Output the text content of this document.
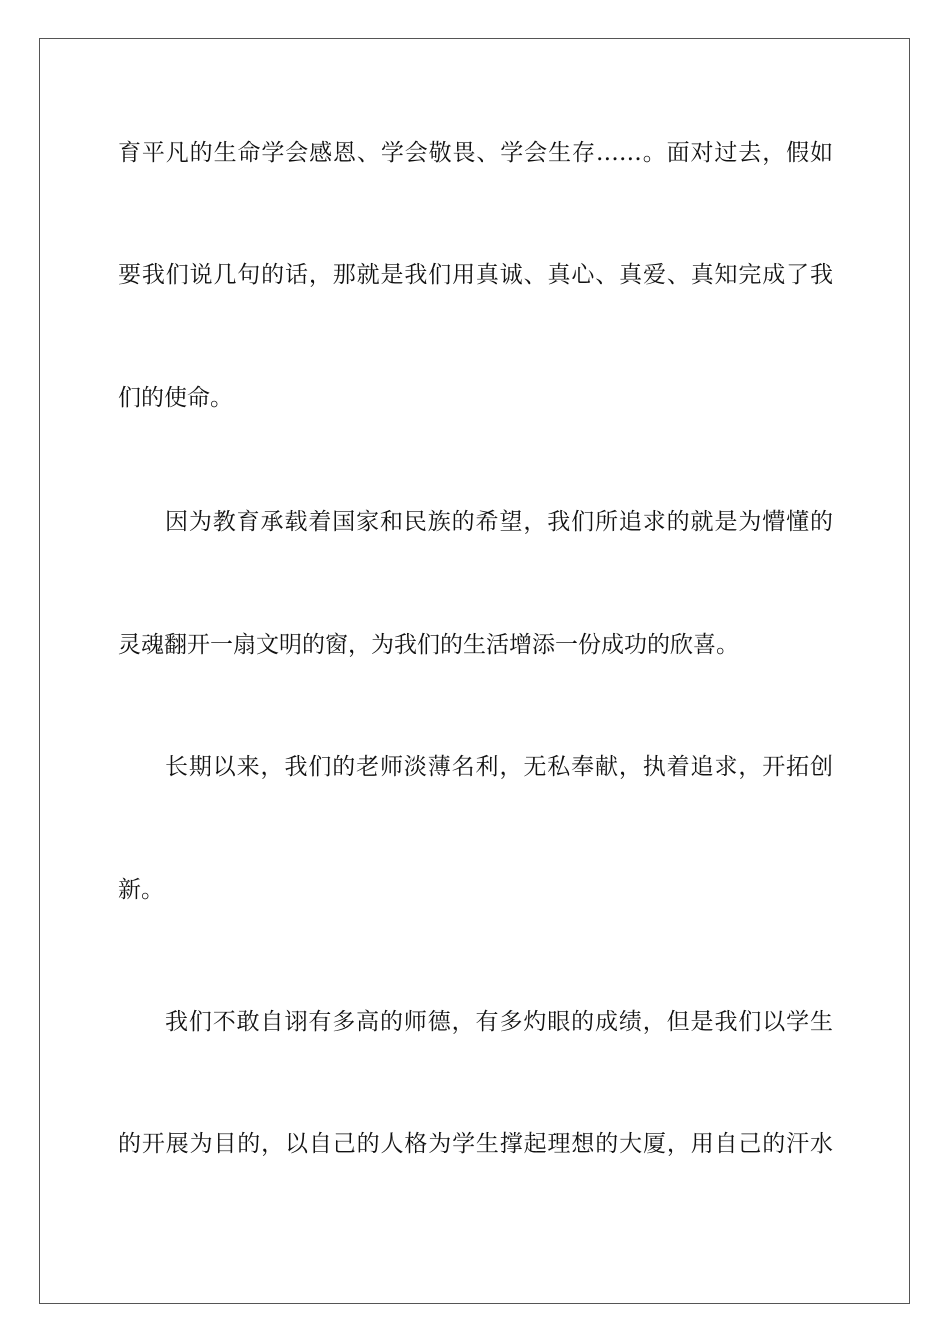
育平凡的生命学会感恩、学会敬畏、学会生存……。面对过去，假如
要我们说几句的话，那就是我们用真诚、真心、真爱、真知完成了我
们的使命。
因为教育承载着国家和民族的希望，我们所追求的就是为懵懂的
灵魂翻开一扇文明的窗，为我们的生活增添一份成功的欣喜。
长期以来，我们的老师淡薄名利，无私奉献，执着追求，开拓创
新。
我们不敢自诩有多高的师德，有多灼眼的成绩，但是我们以学生
的开展为目的，以自己的人格为学生撑起理想的大厦，用自己的汗水
